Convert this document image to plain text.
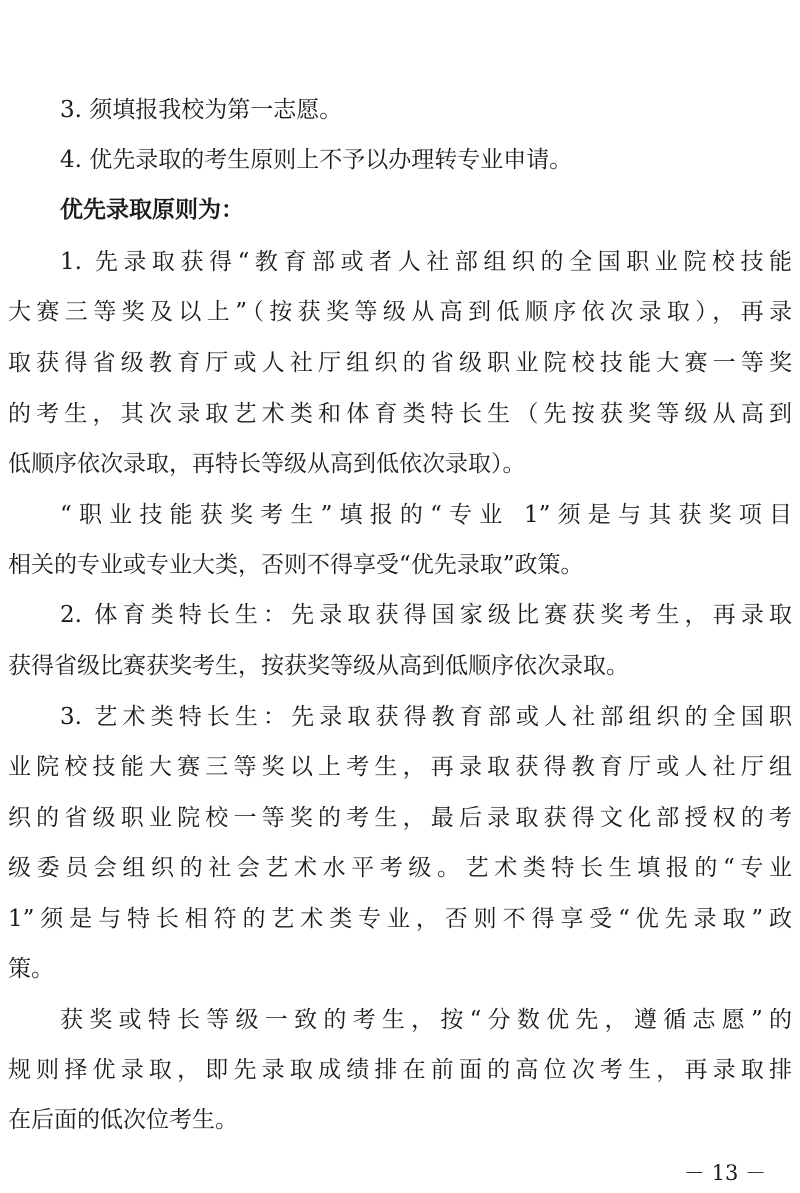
3. 须填报我校为第一志愿。
4. 优先录取的考生原则上不予以办理转专业申请。
优先录取原则为：
1. 先录取获得“教育部或者人社部组织的全国职业院校技能
大赛三等奖及以上”（按获奖等级从高到低顺序依次录取），再录
取获得省级教育厅或人社厅组织的省级职业院校技能大赛一等奖
的考生，其次录取艺术类和体育类特长生（先按获奖等级从高到
低顺序依次录取，再特长等级从高到低依次录取）。
“职业技能获奖考生”填报的“专业 1”须是与其获奖项目
相关的专业或专业大类，否则不得享受“优先录取”政策。
2. 体育类特长生：先录取获得国家级比赛获奖考生，再录取
获得省级比赛获奖考生，按获奖等级从高到低顺序依次录取。
3. 艺术类特长生：先录取获得教育部或人社部组织的全国职
业院校技能大赛三等奖以上考生，再录取获得教育厅或人社厅组
织的省级职业院校一等奖的考生，最后录取获得文化部授权的考
级委员会组织的社会艺术水平考级。艺术类特长生填报的“专业
1”须是与特长相符的艺术类专业，否则不得享受“优先录取”政
策。
获奖或特长等级一致的考生，按“分数优先，遵循志愿”的
规则择优录取，即先录取成绩排在前面的高位次考生，再录取排
在后面的低次位考生。
－ 13 －
